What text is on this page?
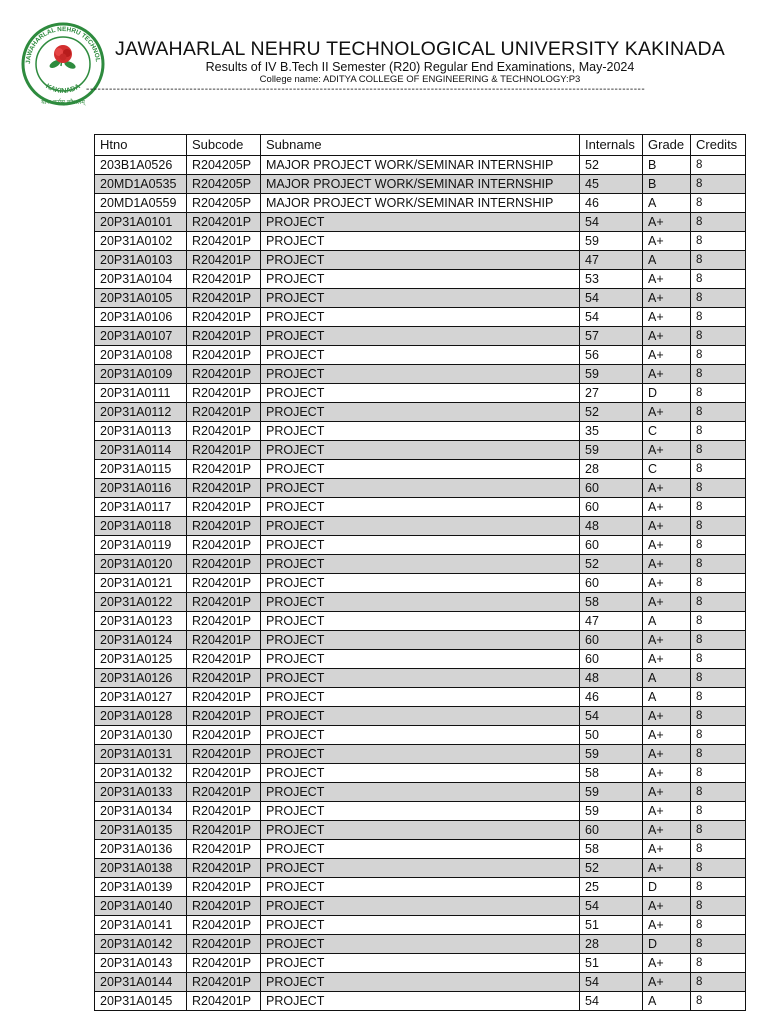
JAWAHARLAL NEHRU TECHNOL
KAKINADA
योगः कर्मसु कौशलम्
JAWAHARLAL NEHRU TECHNOLOGICAL UNIVERSITY KAKINADA
Results of IV B.Tech II Semester (R20) Regular End Examinations, May-2024
College name: ADITYA COLLEGE OF ENGINEERING & TECHNOLOGY:P3
--------------------------------------------------------------------------------------------------------------------------------------------------
Htno	Subcode	Subname	Internals	Grade	Credits
203B1A0526	R204205P	MAJOR PROJECT WORK/SEMINAR INTERNSHIP	52	B	8
20MD1A0535	R204205P	MAJOR PROJECT WORK/SEMINAR INTERNSHIP	45	B	8
20MD1A0559	R204205P	MAJOR PROJECT WORK/SEMINAR INTERNSHIP	46	A	8
20P31A0101	R204201P	PROJECT	54	A+	8
20P31A0102	R204201P	PROJECT	59	A+	8
20P31A0103	R204201P	PROJECT	47	A	8
20P31A0104	R204201P	PROJECT	53	A+	8
20P31A0105	R204201P	PROJECT	54	A+	8
20P31A0106	R204201P	PROJECT	54	A+	8
20P31A0107	R204201P	PROJECT	57	A+	8
20P31A0108	R204201P	PROJECT	56	A+	8
20P31A0109	R204201P	PROJECT	59	A+	8
20P31A0111	R204201P	PROJECT	27	D	8
20P31A0112	R204201P	PROJECT	52	A+	8
20P31A0113	R204201P	PROJECT	35	C	8
20P31A0114	R204201P	PROJECT	59	A+	8
20P31A0115	R204201P	PROJECT	28	C	8
20P31A0116	R204201P	PROJECT	60	A+	8
20P31A0117	R204201P	PROJECT	60	A+	8
20P31A0118	R204201P	PROJECT	48	A+	8
20P31A0119	R204201P	PROJECT	60	A+	8
20P31A0120	R204201P	PROJECT	52	A+	8
20P31A0121	R204201P	PROJECT	60	A+	8
20P31A0122	R204201P	PROJECT	58	A+	8
20P31A0123	R204201P	PROJECT	47	A	8
20P31A0124	R204201P	PROJECT	60	A+	8
20P31A0125	R204201P	PROJECT	60	A+	8
20P31A0126	R204201P	PROJECT	48	A	8
20P31A0127	R204201P	PROJECT	46	A	8
20P31A0128	R204201P	PROJECT	54	A+	8
20P31A0130	R204201P	PROJECT	50	A+	8
20P31A0131	R204201P	PROJECT	59	A+	8
20P31A0132	R204201P	PROJECT	58	A+	8
20P31A0133	R204201P	PROJECT	59	A+	8
20P31A0134	R204201P	PROJECT	59	A+	8
20P31A0135	R204201P	PROJECT	60	A+	8
20P31A0136	R204201P	PROJECT	58	A+	8
20P31A0138	R204201P	PROJECT	52	A+	8
20P31A0139	R204201P	PROJECT	25	D	8
20P31A0140	R204201P	PROJECT	54	A+	8
20P31A0141	R204201P	PROJECT	51	A+	8
20P31A0142	R204201P	PROJECT	28	D	8
20P31A0143	R204201P	PROJECT	51	A+	8
20P31A0144	R204201P	PROJECT	54	A+	8
20P31A0145	R204201P	PROJECT	54	A	8
